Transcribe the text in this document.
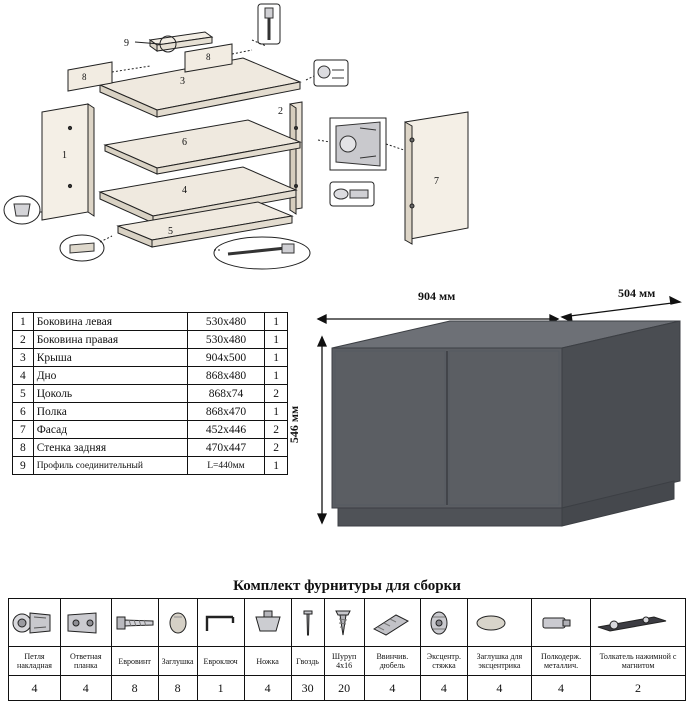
9
3
8
8
1
2
6
4
5
7
1	Боковина левая	530х480	1
2	Боковина правая	530х480	1
3	Крыша	904х500	1
4	Дно	868х480	1
5	Цоколь	868х74	2
6	Полка	868х470	1
7	Фасад	452х446	2
8	Стенка задняя	470х447	2
9	Профиль соединительный	L=440мм	1
904 мм	504 мм
546 мм
Комплект фурнитуры для сборки

Петля накладная	Ответная планка	Евровинт	Заглушка	Евроключ	Ножка	Гвоздь	Шуруп 4х16	Ввинчив. дюбель	Эксцентр. стяжка	Заглушка для эксцентрика	Полкодерж. металлич.	Толкатель нажимной с магнитом
4	4	8	8	1	4	30	20	4	4	4	4	2
